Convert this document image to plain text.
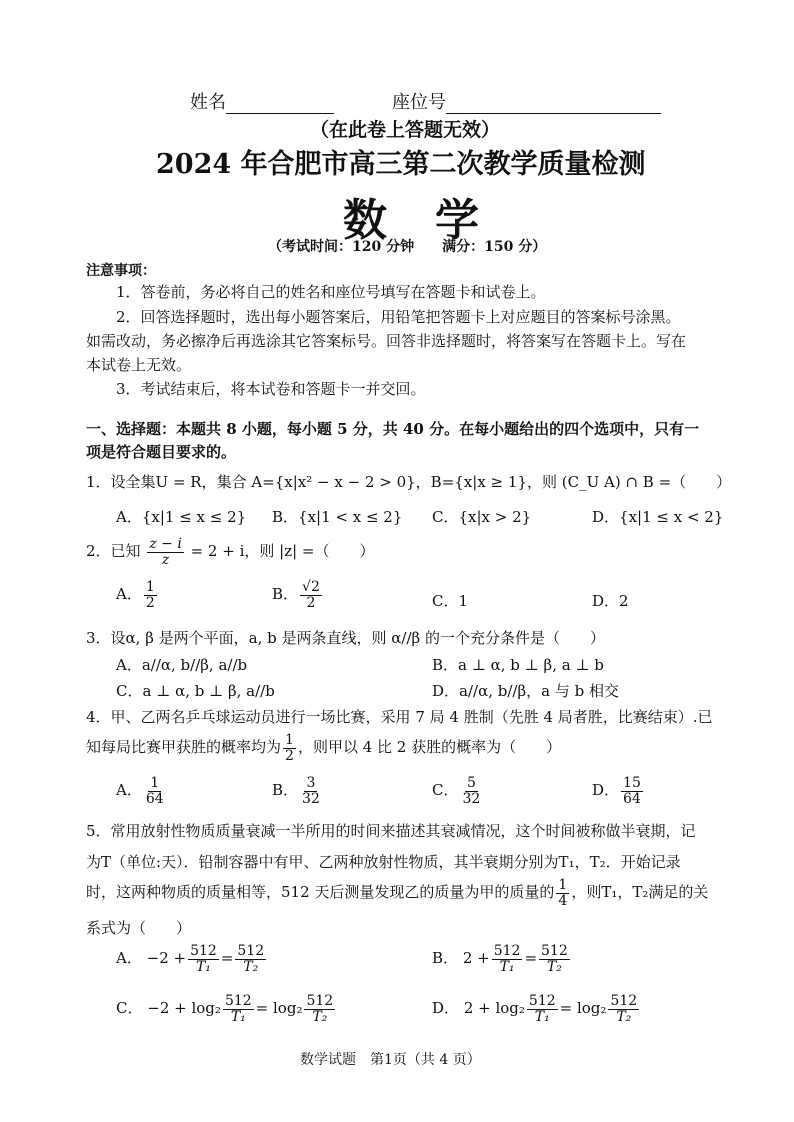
姓名	座位号
（在此卷上答题无效）
2024 年合肥市高三第二次教学质量检测
数　学
（考试时间：120 分钟　　满分：150 分）
注意事项：
1．答卷前，务必将自己的姓名和座位号填写在答题卡和试卷上。
2．回答选择题时，选出每小题答案后，用铅笔把答题卡上对应题目的答案标号涂黑。
如需改动，务必擦净后再选涂其它答案标号。回答非选择题时，将答案写在答题卡上。写在
本试卷上无效。
3．考试结束后，将本试卷和答题卡一并交回。
一、选择题：本题共 8 小题，每小题 5 分，共 40 分。在每小题给出的四个选项中，只有一
项是符合题目要求的。
1．设全集U = R，集合 A={x|x² − x − 2 > 0}，B={x|x ≥ 1}，则 (C_U A) ∩ B =（　　）
A．{x|1 ≤ x ≤ 2} B．{x|1 < x ≤ 2} C．{x|x > 2}	D．{x|1 ≤ x < 2}
2．已知 $\frac{z - i}{z} = 2 + i$，则 |z| =（　　）
A． $\frac{1}{2}$	B． $\frac{√2}{2}$	C．1	D．2
3．设α, β 是两个平面，a, b 是两条直线，则 α//β 的一个充分条件是（　　）
A．a//α, b//β, a//b	B．a ⊥ α, b ⊥ β, a ⊥ b
C．a ⊥ α, b ⊥ β, a//b	D．a//α, b//β，a 与 b 相交
4．甲、乙两名乒乓球运动员进行一场比赛，采用 7 局 4 胜制（先胜 4 局者胜，比赛结束）.已
知每局比赛甲获胜的概率均为 $\frac{1}{2}$ ，则甲以 4 比 2 获胜的概率为（　　）
A． $\frac{1}{64}$	B． $\frac{3}{32}$	C． $\frac{5}{32}$	D． $\frac{15}{64}$
5．常用放射性物质质量衰减一半所用的时间来描述其衰减情况，这个时间被称做半衰期，记
为T（单位:天）．铅制容器中有甲、乙两种放射性物质，其半衰期分别为T₁，T₂．开始记录
时，这两种物质的质量相等，512 天后测量发现乙的质量为甲的质量的 $\frac{1}{4}$ ，则T₁，T₂满足的关
系式为（　　）
A． $-2 + \frac{512}{\text{T₁}} = \frac{512}{\text{T₂}}$	B． $2 + \frac{512}{\text{T₁}} = \frac{512}{\text{T₂}}$
C． $-2 + \log_2 \frac{512}{\text{T₁}} = \log_2 \frac{512}{\text{T₂}}$	D． $2 + \log_2 \frac{512}{\text{T₁}} = \log_2 \frac{512}{\text{T₂}}$
数学试题　第1页（共 4 页）
